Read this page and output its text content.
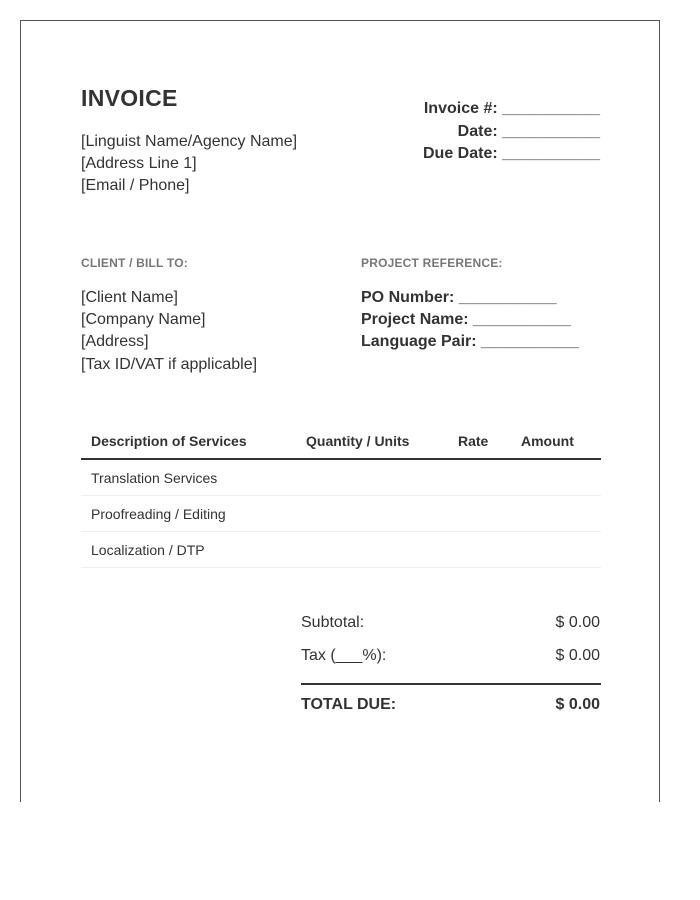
INVOICE
[Linguist Name/Agency Name]
[Address Line 1]
[Email / Phone]
Invoice #: ___________
Date: ___________
Due Date: ___________
CLIENT / BILL TO:	PROJECT REFERENCE:
[Client Name]
[Company Name]
[Address]
[Tax ID/VAT if applicable]
PO Number: ___________
Project Name: ___________
Language Pair: ___________
Description of Services	Quantity / Units	Rate Amount
Translation Services
Proofreading / Editing
Localization / DTP
Subtotal:	$ 0.00
Tax (___%):	$ 0.00
TOTAL DUE:	$ 0.00
